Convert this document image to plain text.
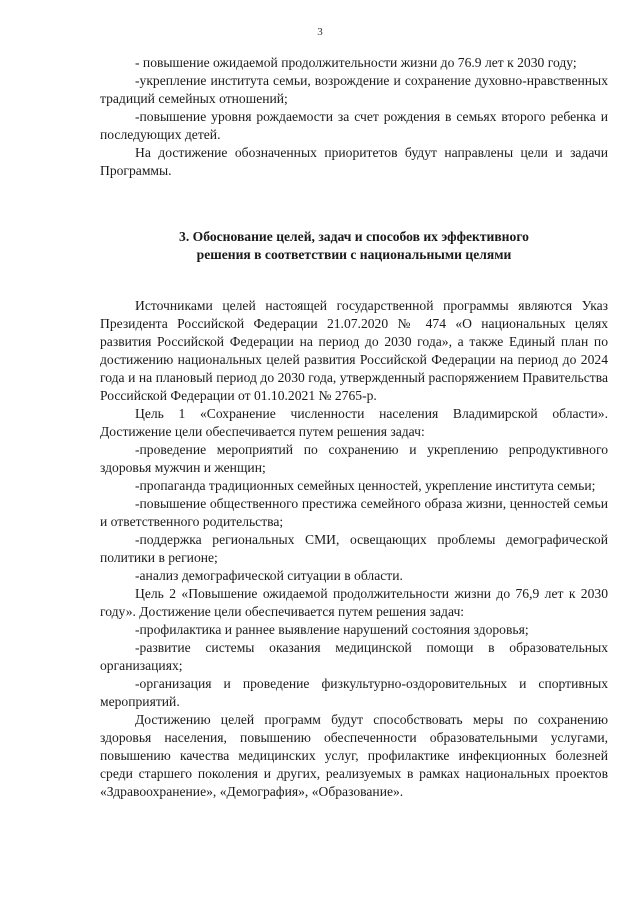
3

- повышение ожидаемой продолжительности жизни до 76.9 лет к 2030 году;

-укрепление института семьи, возрождение и сохранение духовно-нравственных традиций семейных отношений;

-повышение уровня рождаемости за счет рождения в семьях второго ребенка и последующих детей.

На достижение обозначенных приоритетов будут направлены цели и задачи Программы.

3. Обоснование целей, задач и способов их эффективного
решения в соответствии с национальными целями

Источниками целей настоящей государственной программы являются Указ Президента Российской Федерации 21.07.2020 № 474 «О национальных целях развития Российской Федерации на период до 2030 года», а также Единый план по достижению национальных целей развития Российской Федерации на период до 2024 года и на плановый период до 2030 года, утвержденный распоряжением Правительства Российской Федерации от 01.10.2021 № 2765-р.

Цель 1 «Сохранение численности населения Владимирской области». Достижение цели обеспечивается путем решения задач:

-проведение мероприятий по сохранению и укреплению репродуктивного здоровья мужчин и женщин;

-пропаганда традиционных семейных ценностей, укрепление института семьи;

-повышение общественного престижа семейного образа жизни, ценностей семьи и ответственного родительства;

-поддержка региональных СМИ, освещающих проблемы демографической политики в регионе;

-анализ демографической ситуации в области.

Цель 2 «Повышение ожидаемой продолжительности жизни до 76,9 лет к 2030 году». Достижение цели обеспечивается путем решения задач:

-профилактика и раннее выявление нарушений состояния здоровья;

-развитие системы оказания медицинской помощи в образовательных организациях;

-организация и проведение физкультурно-оздоровительных и спортивных мероприятий.

Достижению целей программ будут способствовать меры по сохранению здоровья населения, повышению обеспеченности образовательными услугами, повышению качества медицинских услуг, профилактике инфекционных болезней среди старшего поколения и других, реализуемых в рамках национальных проектов «Здравоохранение», «Демография», «Образование».
